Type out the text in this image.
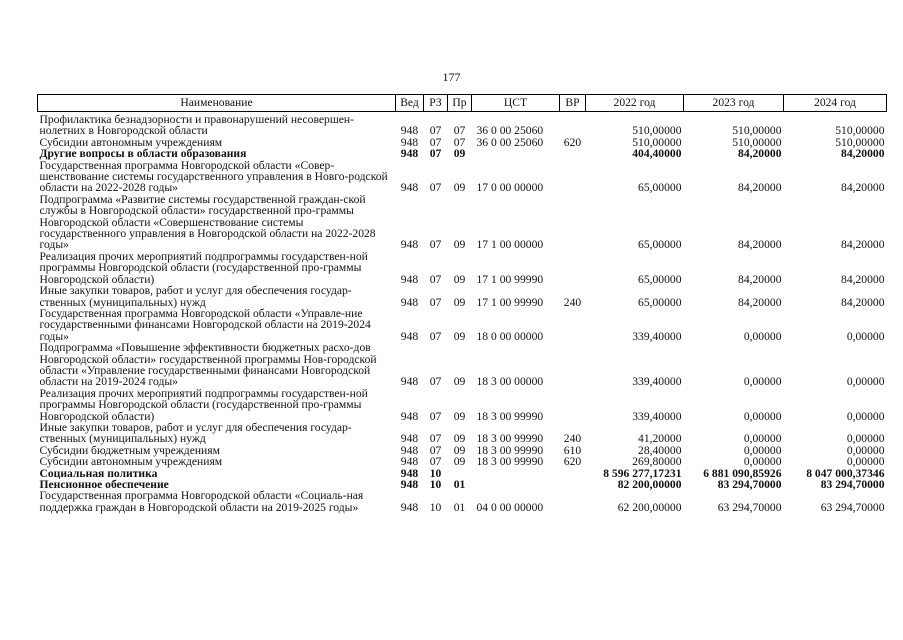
177
Наименование	Вед	РЗ	Пр	ЦСТ	ВР	2022 год	2023 год	2024 год
Профилактика безнадзорности и правонарушений несовершен-нолетних в Новгородской области	948	07	07	36 0 00 25060		510,00000	510,00000	510,00000
Субсидии автономным учреждениям	948	07	07	36 0 00 25060	620	510,00000	510,00000	510,00000
Другие вопросы в области образования	948	07	09			404,40000	84,20000	84,20000
Государственная программа Новгородской области «Совер-шенствование системы государственного управления в Новго-родской области на 2022-2028 годы»	948	07	09	17 0 00 00000		65,00000	84,20000	84,20000
Подпрограмма «Развитие системы государственной граждан-ской службы в Новгородской области» государственной про-граммы Новгородской области «Совершенствование системы государственного управления в Новгородской области на 2022-2028 годы»	948	07	09	17 1 00 00000		65,00000	84,20000	84,20000
Реализация прочих мероприятий подпрограммы государствен-ной программы Новгородской области (государственной про-граммы Новгородской области)	948	07	09	17 1 00 99990		65,00000	84,20000	84,20000
Иные закупки товаров, работ и услуг для обеспечения государ-ственных (муниципальных) нужд	948	07	09	17 1 00 99990	240	65,00000	84,20000	84,20000
Государственная программа Новгородской области «Управле-ние государственными финансами Новгородской области на 2019-2024 годы»	948	07	09	18 0 00 00000		339,40000	0,00000	0,00000
Подпрограмма «Повышение эффективности бюджетных расхо-дов Новгородской области» государственной программы Нов-городской области «Управление государственными финансами Новгородской области на 2019-2024 годы»	948	07	09	18 3 00 00000		339,40000	0,00000	0,00000
Реализация прочих мероприятий подпрограммы государствен-ной программы Новгородской области (государственной про-граммы Новгородской области)	948	07	09	18 3 00 99990		339,40000	0,00000	0,00000
Иные закупки товаров, работ и услуг для обеспечения государ-ственных (муниципальных) нужд	948	07	09	18 3 00 99990	240	41,20000	0,00000	0,00000
Субсидии бюджетным учреждениям	948	07	09	18 3 00 99990	610	28,40000	0,00000	0,00000
Субсидии автономным учреждениям	948	07	09	18 3 00 99990	620	269,80000	0,00000	0,00000
Социальная политика	948	10				8 596 277,17231	6 881 090,85926	8 047 000,37346
Пенсионное обеспечение	948	10	01			82 200,00000	83 294,70000	83 294,70000
Государственная программа Новгородской области «Социаль-ная поддержка граждан в Новгородской области на 2019-2025 годы»	948	10	01	04 0 00 00000		62 200,00000	63 294,70000	63 294,70000
